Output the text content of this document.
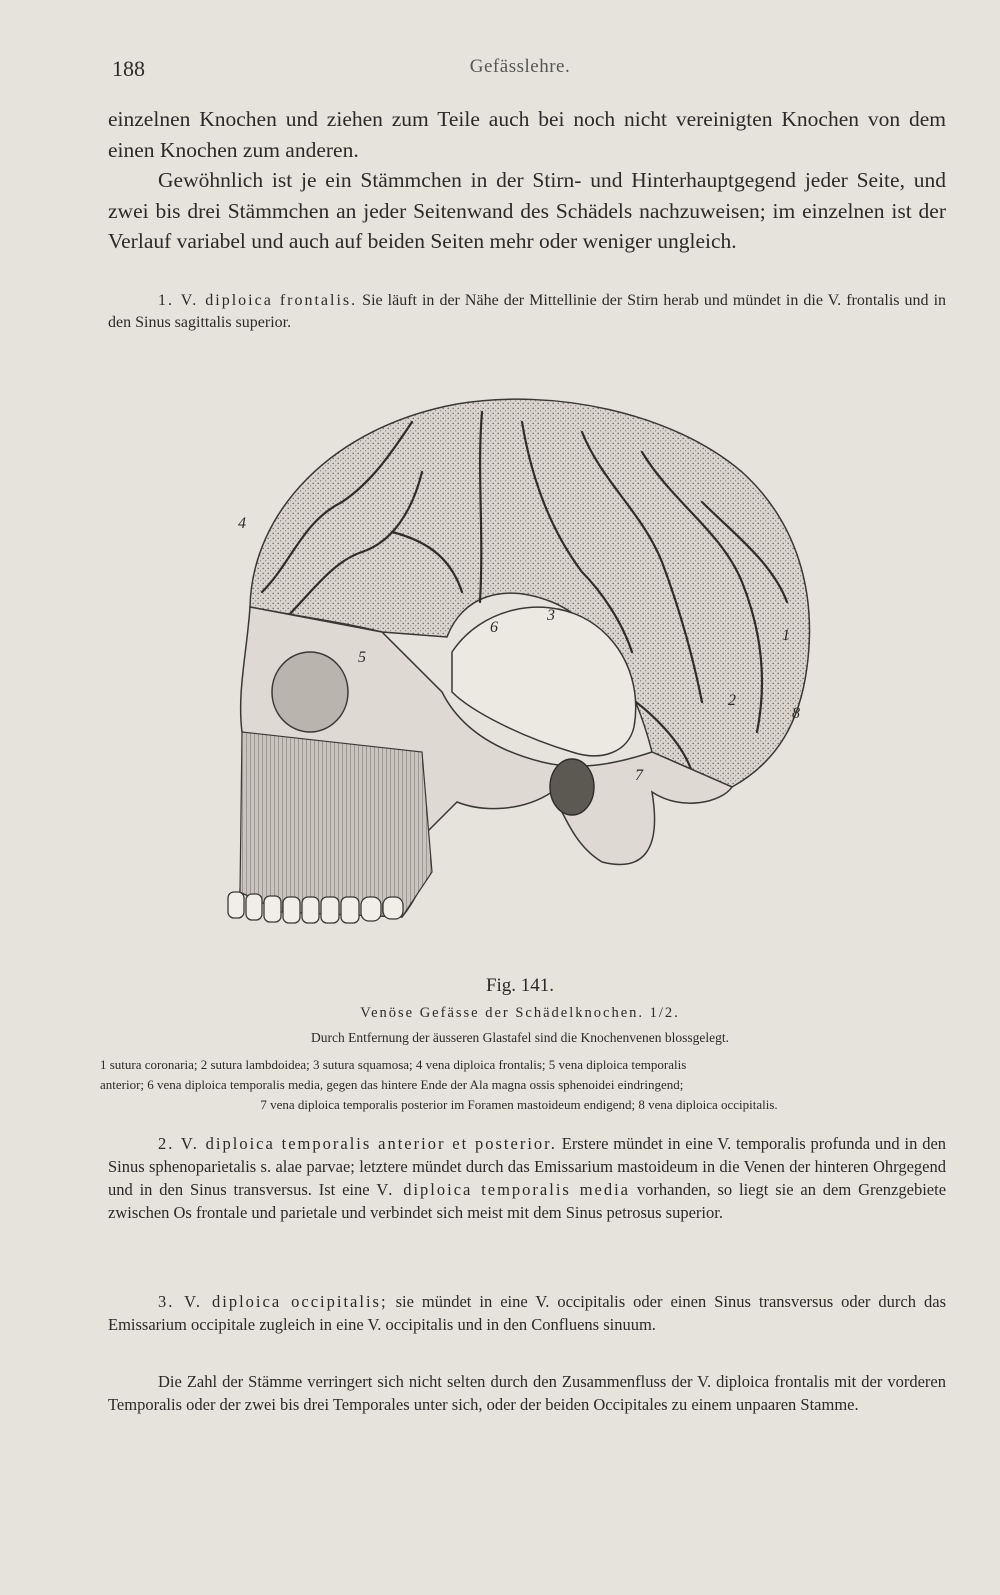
188	Gefässlehre.

einzelnen Knochen und ziehen zum Teile auch bei noch nicht vereinigten Knochen von dem einen Knochen zum anderen.

Gewöhnlich ist je ein Stämmchen in der Stirn- und Hinterhauptgegend jeder Seite, und zwei bis drei Stämmchen an jeder Seitenwand des Schädels nachzuweisen; im einzelnen ist der Verlauf variabel und auch auf beiden Seiten mehr oder weniger ungleich.

1. V. diploica frontalis. Sie läuft in der Nähe der Mittellinie der Stirn herab und mündet in die V. frontalis und in den Sinus sagittalis superior.

4
5
6
3
2
8
7
1

Fig. 141.

Venöse Gefässe der Schädelknochen. 1/2.

Durch Entfernung der äusseren Glastafel sind die Knochenvenen blossgelegt.

1 sutura coronaria; 2 sutura lambdoidea; 3 sutura squamosa; 4 vena diploica frontalis; 5 vena diploica temporalis
anterior; 6 vena diploica temporalis media, gegen das hintere Ende der Ala magna ossis sphenoidei eindringend;
7 vena diploica temporalis posterior im Foramen mastoideum endigend; 8 vena diploica occipitalis.

2. V. diploica temporalis anterior et posterior. Erstere mündet in eine V. temporalis profunda und in den Sinus sphenoparietalis s. alae parvae; letztere mündet durch das Emissarium mastoideum in die Venen der hinteren Ohrgegend und in den Sinus transversus. Ist eine V. diploica temporalis media vorhanden, so liegt sie an dem Grenzgebiete zwischen Os frontale und parietale und verbindet sich meist mit dem Sinus petrosus superior.

3. V. diploica occipitalis; sie mündet in eine V. occipitalis oder einen Sinus transversus oder durch das Emissarium occipitale zugleich in eine V. occipitalis und in den Confluens sinuum.

Die Zahl der Stämme verringert sich nicht selten durch den Zusammenfluss der V. diploica frontalis mit der vorderen Temporalis oder der zwei bis drei Temporales unter sich, oder der beiden Occipitales zu einem unpaaren Stamme.
